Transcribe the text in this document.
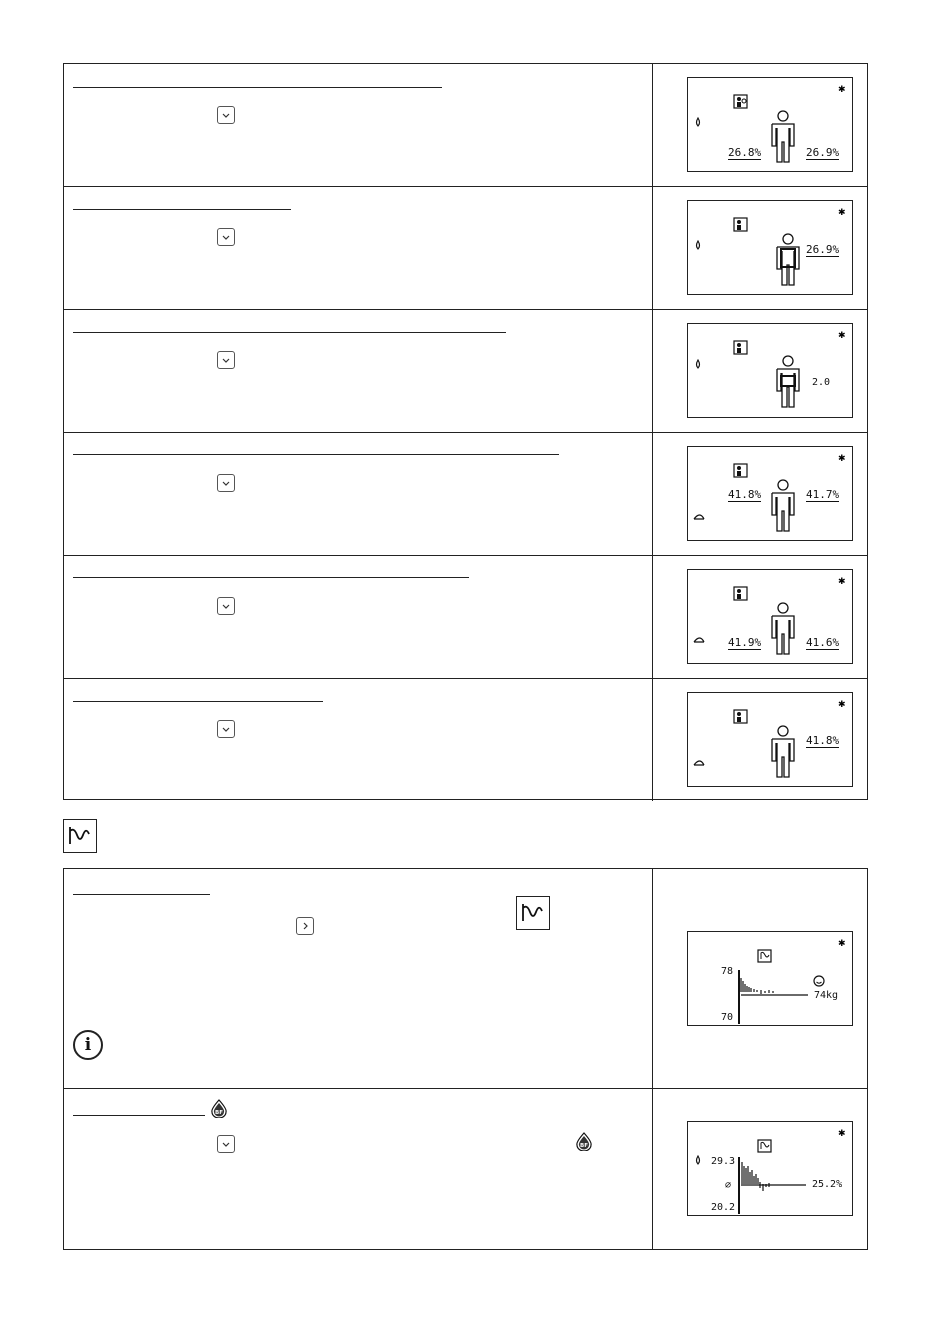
✱
26.8%	26.9%
✱
26.9%
✱
2.0
✱
41.8%	41.7%
✱
41.9%	41.6%
✱
41.8%
i
✱
78
70
74kg
BF
BF
✱
29.3
⌀
20.2
25.2%
